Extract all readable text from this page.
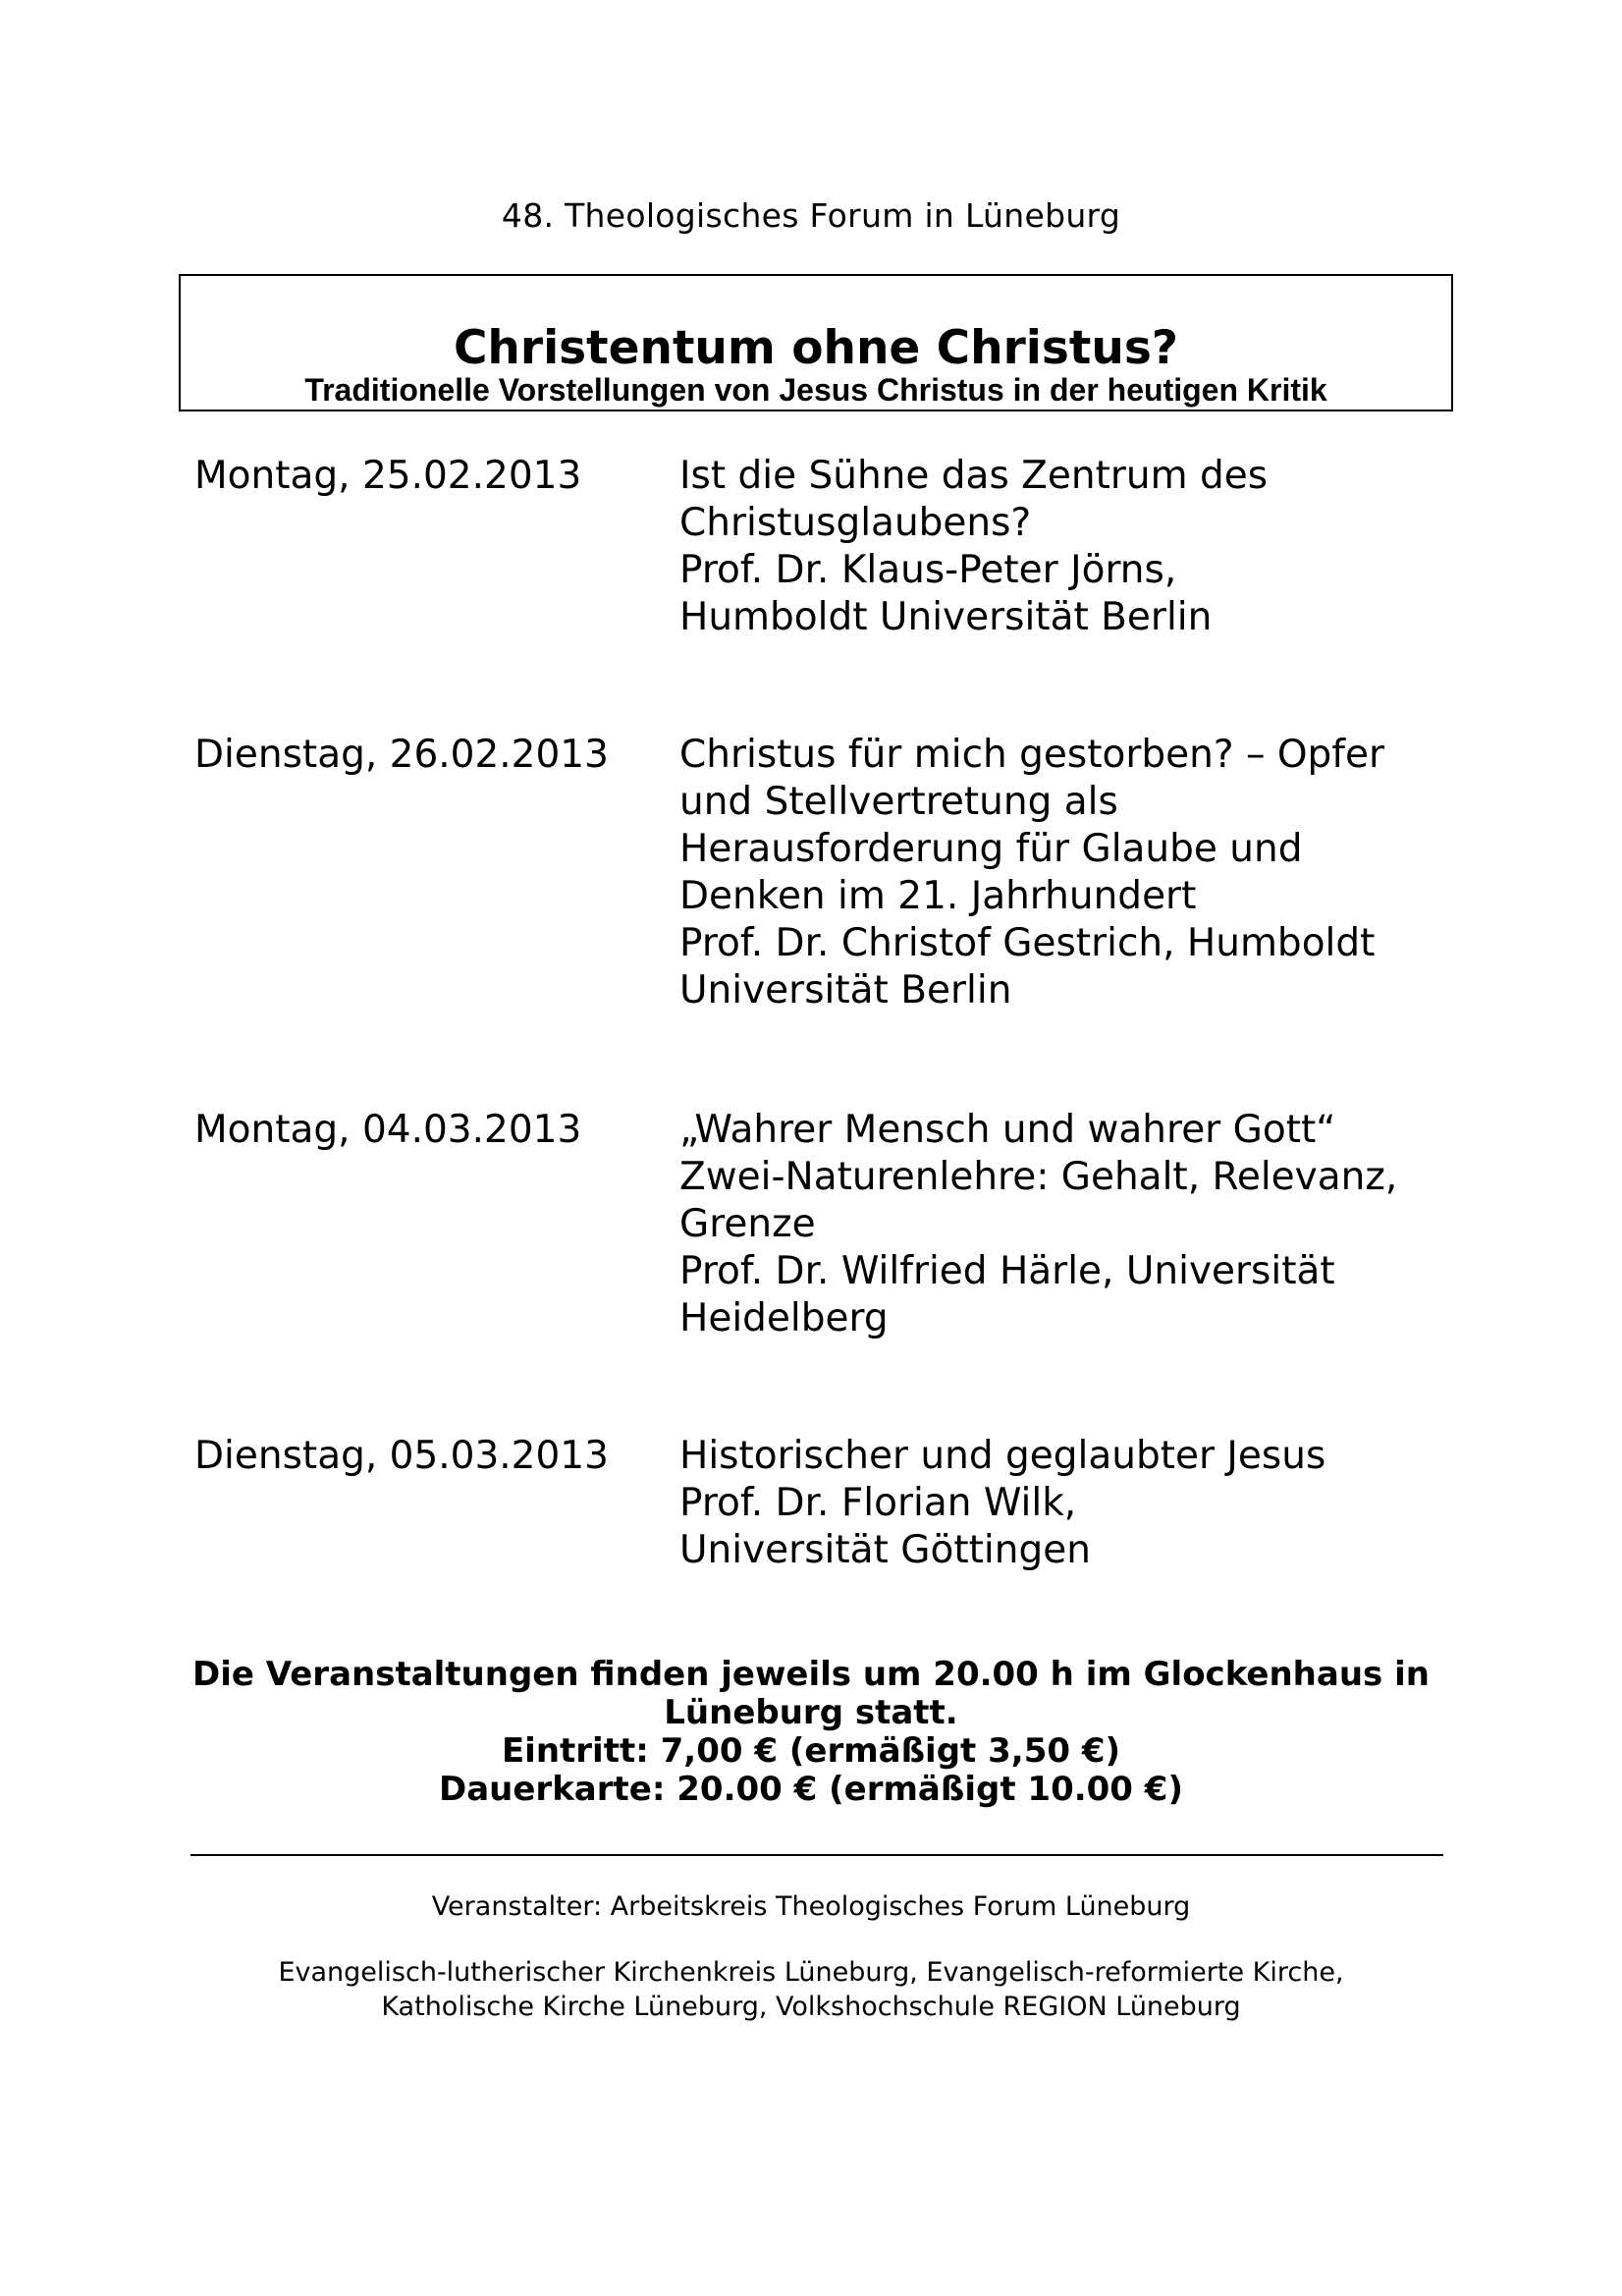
48. Theologisches Forum in Lüneburg
Christentum ohne Christus?
Traditionelle Vorstellungen von Jesus Christus in der heutigen Kritik
Montag, 25.02.2013	Ist die Sühne das Zentrum des
Christusglaubens?
Prof. Dr. Klaus-Peter Jörns,
Humboldt Universität Berlin
Dienstag, 26.02.2013 Christus für mich gestorben? – Opfer
und Stellvertretung als
Herausforderung für Glaube und
Denken im 21. Jahrhundert
Prof. Dr. Christof Gestrich, Humboldt
Universität Berlin
Montag, 04.03.2013	„Wahrer Mensch und wahrer Gott“
Zwei-Naturenlehre: Gehalt, Relevanz,
Grenze
Prof. Dr. Wilfried Härle, Universität
Heidelberg
Dienstag, 05.03.2013 Historischer und geglaubter Jesus
Prof. Dr. Florian Wilk,
Universität Göttingen
Die Veranstaltungen finden jeweils um 20.00 h im Glockenhaus in
Lüneburg statt.
Eintritt: 7,00 € (ermäßigt 3,50 €)
Dauerkarte: 20.00 € (ermäßigt 10.00 €)
Veranstalter: Arbeitskreis Theologisches Forum Lüneburg
Evangelisch-lutherischer Kirchenkreis Lüneburg, Evangelisch-reformierte Kirche,
Katholische Kirche Lüneburg, Volkshochschule REGION Lüneburg
